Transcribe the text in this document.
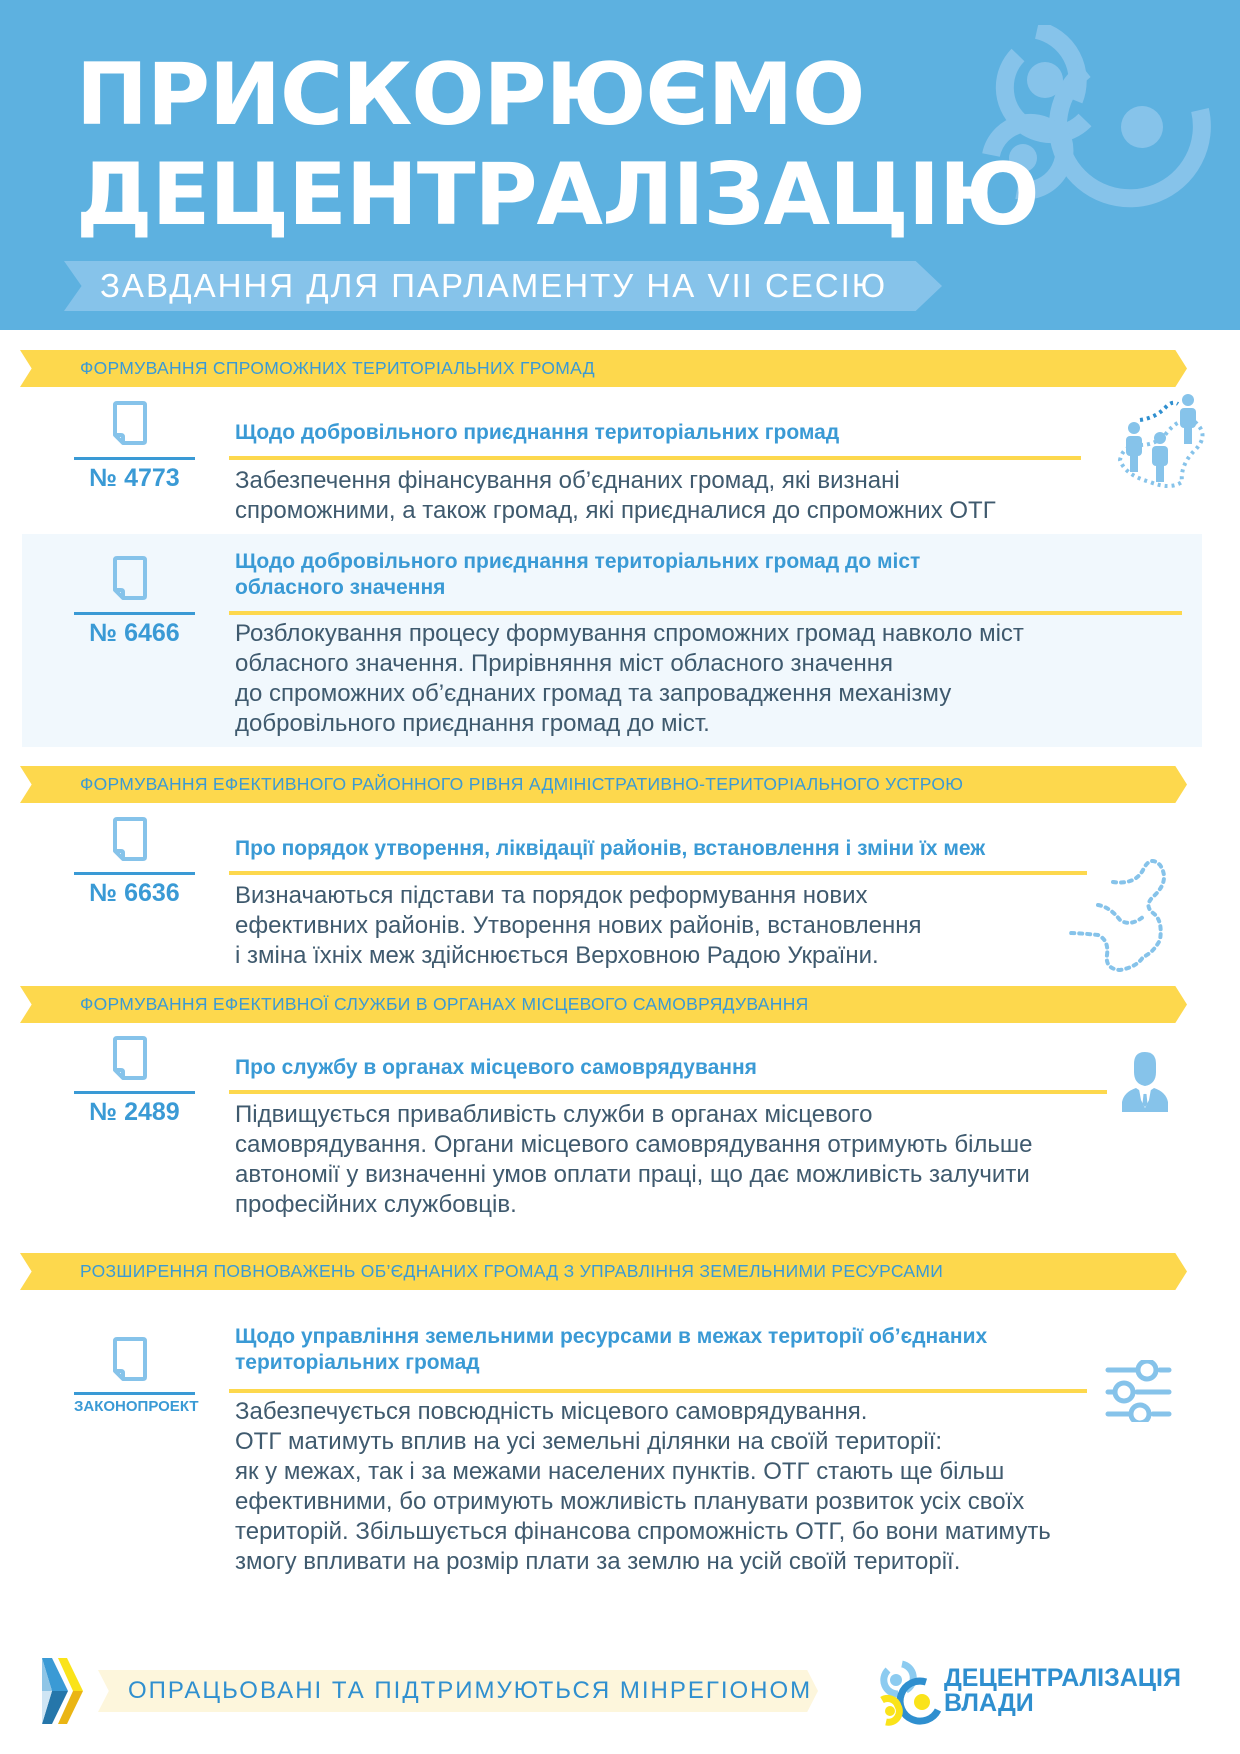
ПРИСКОРЮЄМО
ДЕЦЕНТРАЛІЗАЦІЮ
ЗАВДАННЯ ДЛЯ ПАРЛАМЕНТУ НА VII СЕСІЮ
ФОРМУВАННЯ СПРОМОЖНИХ ТЕРИТОРІАЛЬНИХ ГРОМАД
№ 4773
Щодо добровільного приєднання територіальних громад
Забезпечення фінансування об’єднаних громад, які визнані
спроможними, а також громад, які приєдналися до спроможних ОТГ
№ 6466
Щодо добровільного приєднання територіальних громад до міст
обласного значення
Розблокування процесу формування спроможних громад навколо міст
обласного значення. Прирівняння міст обласного значення
до спроможних об’єднаних громад та запровадження механізму
добровільного приєднання громад до міст.
ФОРМУВАННЯ ЕФЕКТИВНОГО РАЙОННОГО РІВНЯ АДМІНІСТРАТИВНО-ТЕРИТОРІАЛЬНОГО УСТРОЮ
№ 6636
Про порядок утворення, ліквідації районів, встановлення і зміни їх меж
Визначаються підстави та порядок реформування нових
ефективних районів. Утворення нових районів, встановлення
і зміна їхніх меж здійснюється Верховною Радою України.
ФОРМУВАННЯ ЕФЕКТИВНОЇ СЛУЖБИ В ОРГАНАХ МІСЦЕВОГО САМОВРЯДУВАННЯ
№ 2489
Про службу в органах місцевого самоврядування
Підвищується привабливість служби в органах місцевого
самоврядування. Органи місцевого самоврядування отримують більше
автономії у визначенні умов оплати праці, що дає можливість залучити
професійних службовців.
РОЗШИРЕННЯ ПОВНОВАЖЕНЬ ОБ’ЄДНАНИХ ГРОМАД З УПРАВЛІННЯ ЗЕМЕЛЬНИМИ РЕСУРСАМИ
ЗАКОНОПРОЕКТ
Щодо управління земельними ресурсами в межах території об’єднаних
територіальних громад
Забезпечується повсюдність місцевого самоврядування.
ОТГ матимуть вплив на усі земельні ділянки на своїй території:
як у межах, так і за межами населених пунктів. ОТГ стають ще більш
ефективними, бо отримують можливість планувати розвиток усіх своїх
територій. Збільшується фінансова спроможність ОТГ, бо вони матимуть
змогу впливати на розмір плати за землю на усій своїй території.
ОПРАЦЬОВАНІ ТА ПІДТРИМУЮТЬСЯ МІНРЕГІОНОМ	ДЕЦЕНТРАЛІЗАЦІЯ
ВЛАДИ
